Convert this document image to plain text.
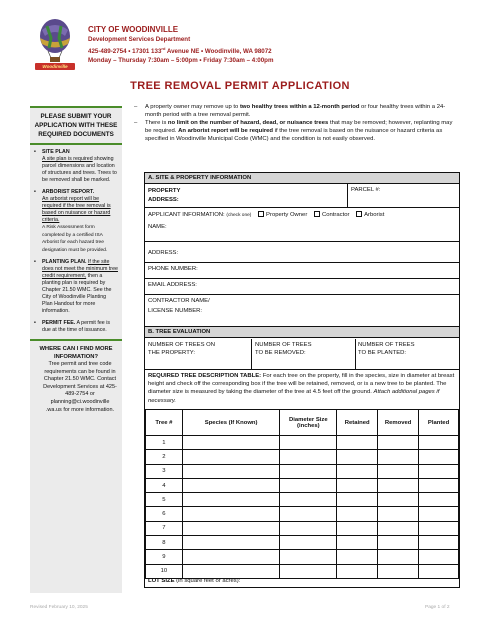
Woodinville
CITY OF WOODINVILLE
Development Services Department
425-489-2754 • 17301 133rd Avenue NE • Woodinville, WA 98072
Monday – Thursday 7:30am – 5:00pm • Friday 7:30am – 4:00pm
TREE REMOVAL PERMIT APPLICATION
PLEASE SUBMIT YOUR APPLICATION WITH THESE REQUIRED DOCUMENTS
• SITE PLAN
A site plan is required showing parcel dimensions and location of structures and trees. Trees to be removed shall be marked.
• ARBORIST REPORT.
An arborist report will be required if the tree removal is based on nuisance or hazard criteria.
A Risk Assessment form completed by a certified ISA Arborist for each hazard tree designation must be provided.
• PLANTING PLAN. If the site does not meet the minimum tree credit requirement, then a planting plan is required by Chapter 21.50 WMC. See the City of Woodinville Planting Plan Handout for more information.
• PERMIT FEE. A permit fee is due at the time of issuance.
WHERE CAN I FIND MORE INFORMATION?
Tree permit and tree code requirements can be found in Chapter 21.50 WMC. Contact Development Services at 425-489-2754 or planning@ci.woodinville .wa.us for more information.
– A property owner may remove up to two healthy trees within a 12-month period or four healthy trees within a 24-month period with a tree removal permit.
– There is no limit on the number of hazard, dead, or nuisance trees that may be removed; however, replanting may be required. An arborist report will be required if the tree removal is based on the nuisance or hazard criteria as specified in Woodinville Municipal Code (WMC) and the condition is not easily observed.
A. SITE & PROPERTY INFORMATION
PROPERTY ADDRESS:
PARCEL #:
APPLICANT INFORMATION: (check one) Property Owner Contractor Arborist
NAME:
ADDRESS:
PHONE NUMBER:
EMAIL ADDRESS:
CONTRACTOR NAME/
LICENSE NUMBER:
B. TREE EVALUATION
NUMBER OF TREES ON THE PROPERTY:
NUMBER OF TREES TO BE REMOVED:
NUMBER OF TREES TO BE PLANTED:
REQUIRED TREE DESCRIPTION TABLE: For each tree on the property, fill in the species, size in diameter at breast height and check off the corresponding box if the tree will be retained, removed, or is a new tree to be planted. The diameter size is measured by taking the diameter of the tree at 4.5 feet off the ground. Attach additional pages if necessary.
Tree #	Species (If Known)	Diameter Size (inches)	Retained	Removed	Planted
1					
2					
3					
4					
5					
6					
7					
8					
9					
10					
LOT SIZE (in square feet or acres):
Revised February 10, 2025	Page 1 of 2
